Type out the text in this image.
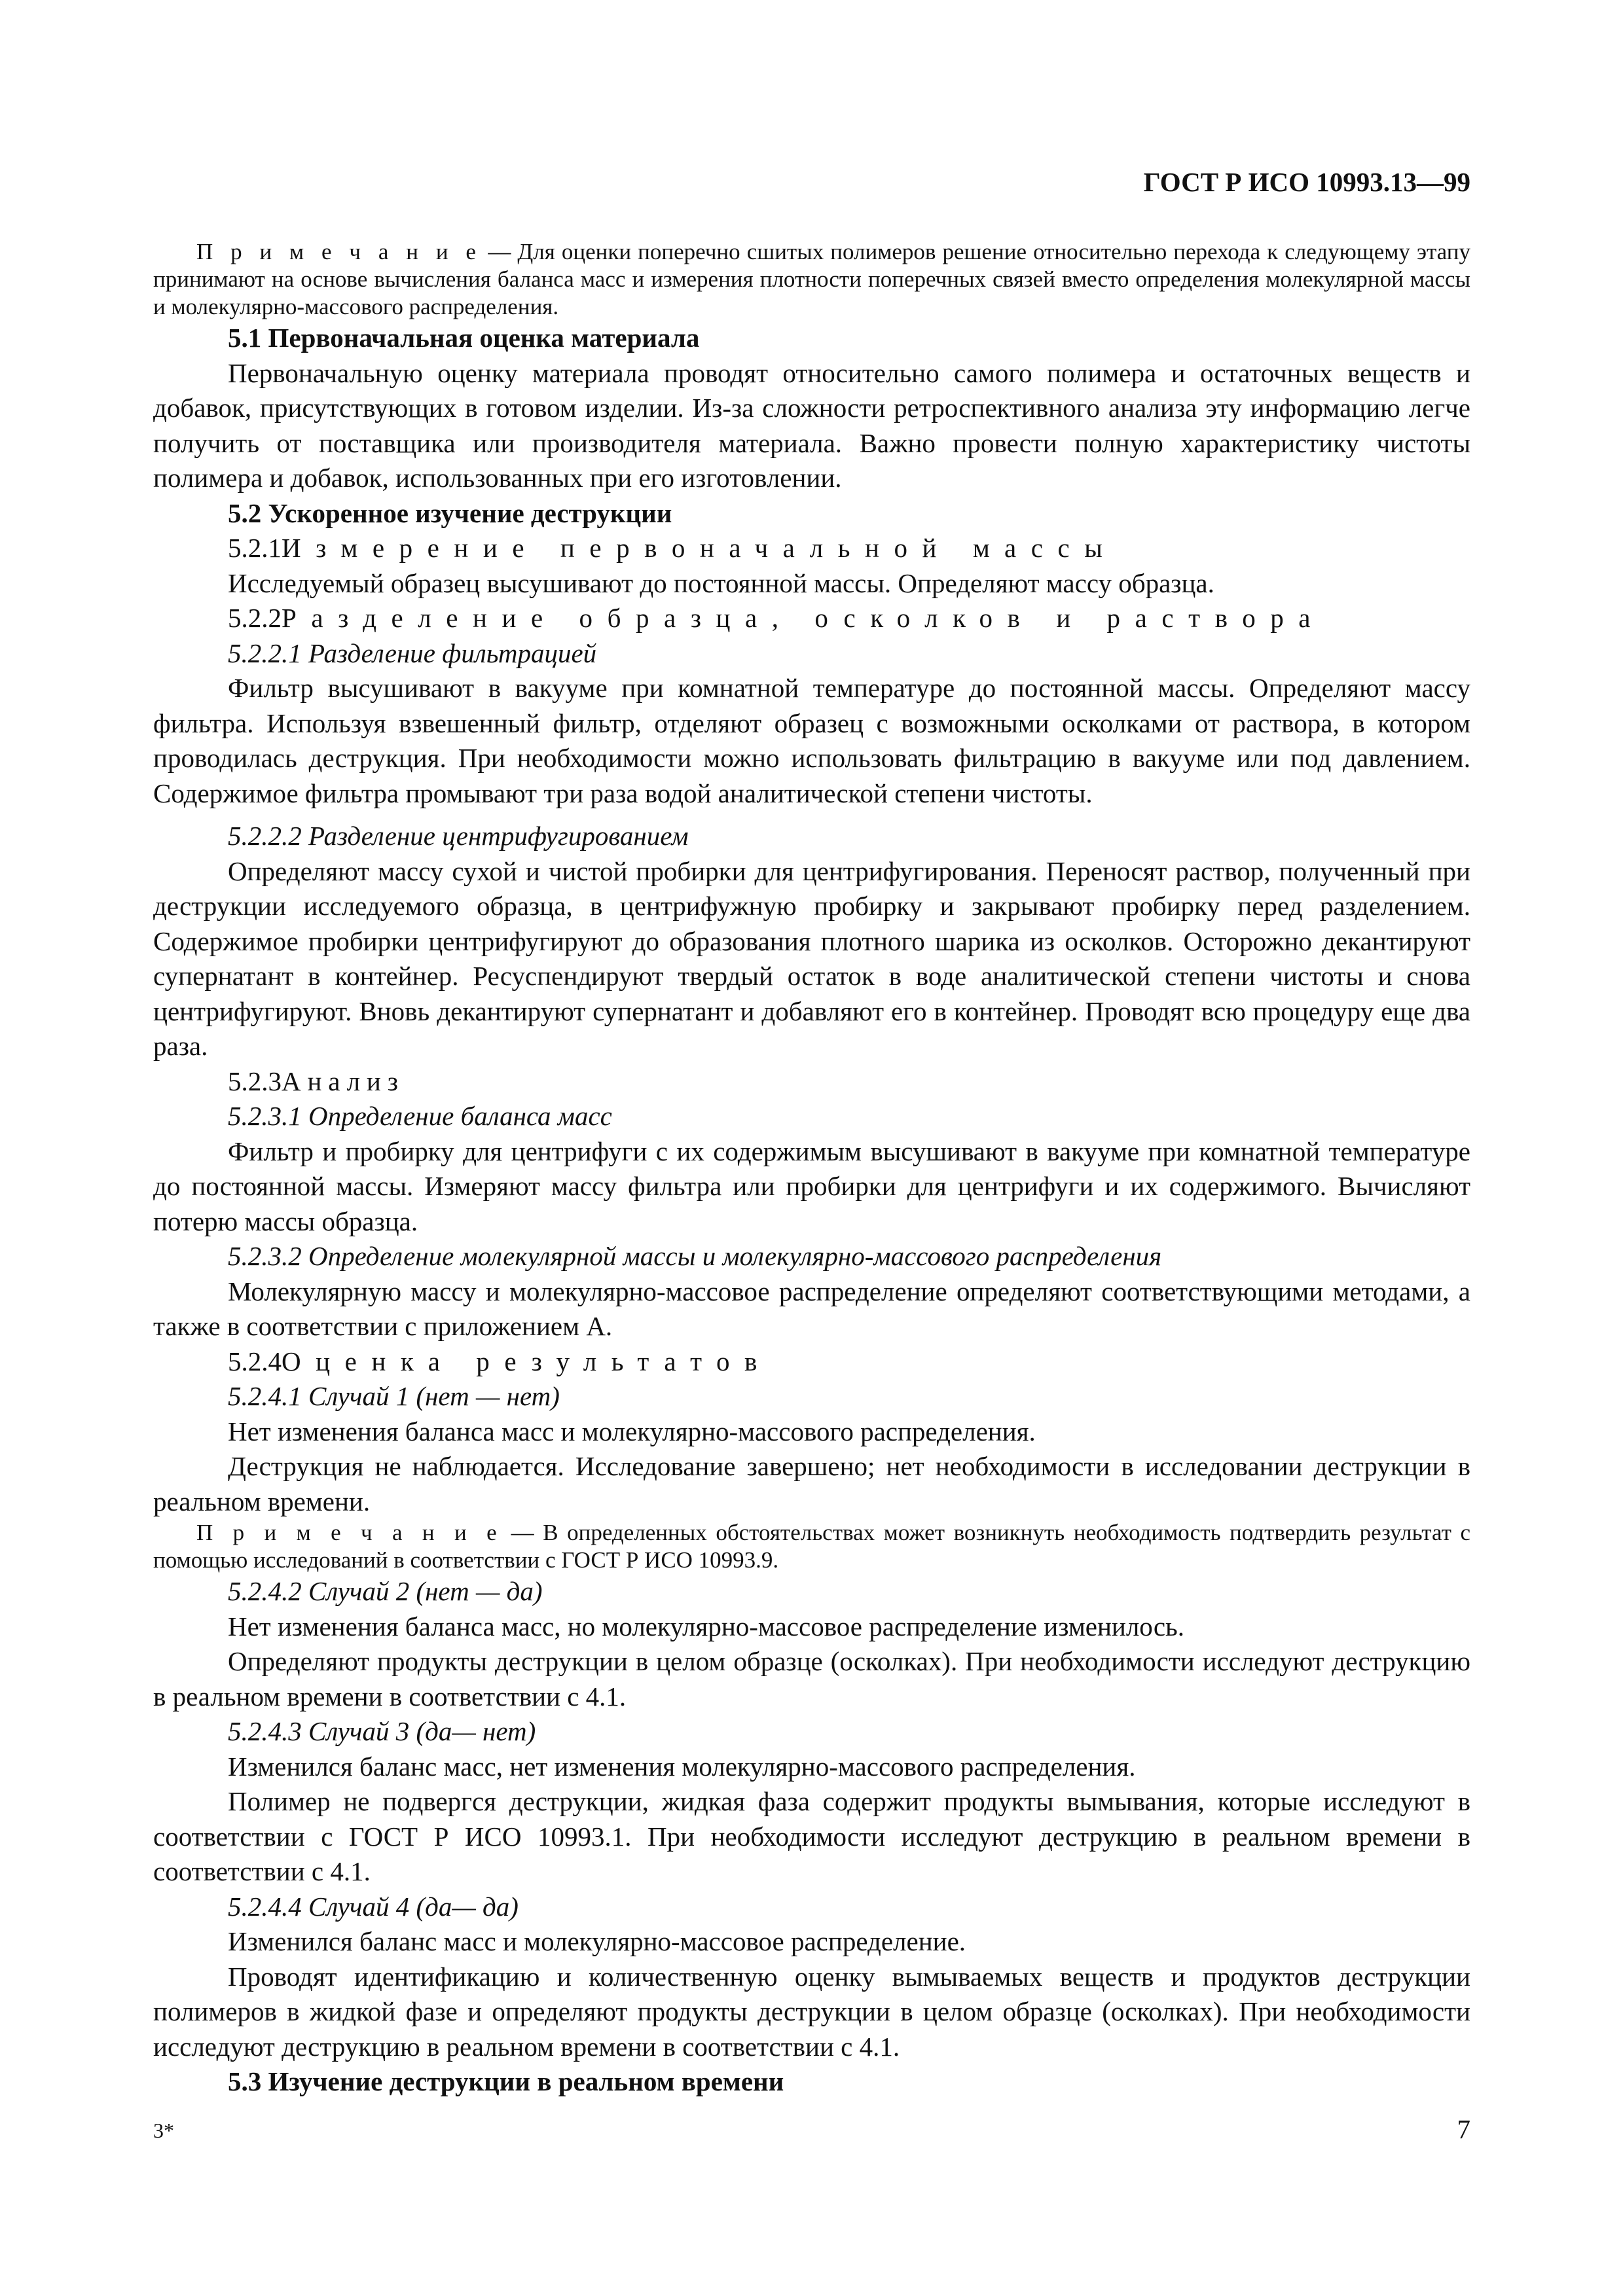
ГОСТ Р ИСО 10993.13—99

П р и м е ч а н и е — Для оценки поперечно сшитых полимеров решение относительно перехода к следующему этапу принимают на основе вычисления баланса масс и измерения плотности поперечных связей вместо определения молекулярной массы и молекулярно-массового распределения.

5.1 Первоначальная оценка материала

Первоначальную оценку материала проводят относительно самого полимера и остаточных веществ и добавок, присутствующих в готовом изделии. Из-за сложности ретроспективного анализа эту информацию легче получить от поставщика или производителя материала. Важно провести полную характеристику чистоты полимера и добавок, использованных при его изготовлении.

5.2 Ускоренное изучение деструкции

5.2.1Измерение первоначальной массы

Исследуемый образец высушивают до постоянной массы. Определяют массу образца.

5.2.2Разделение образца, осколков и раствора

5.2.2.1 Разделение фильтрацией

Фильтр высушивают в вакууме при комнатной температуре до постоянной массы. Определяют массу фильтра. Используя взвешенный фильтр, отделяют образец с возможными осколками от раствора, в котором проводилась деструкция. При необходимости можно использовать фильтрацию в вакууме или под давлением. Содержимое фильтра промывают три раза водой аналитической степени чистоты.

5.2.2.2 Разделение центрифугированием

Определяют массу сухой и чистой пробирки для центрифугирования. Переносят раствор, полученный при деструкции исследуемого образца, в центрифужную пробирку и закрывают пробирку перед разделением. Содержимое пробирки центрифугируют до образования плотного шарика из осколков. Осторожно декантируют супернатант в контейнер. Ресуспендируют твердый остаток в воде аналитической степени чистоты и снова центрифугируют. Вновь декантируют супернатант и добавляют его в контейнер. Проводят всю процедуру еще два раза.

5.2.3Анализ

5.2.3.1 Определение баланса масс

Фильтр и пробирку для центрифуги с их содержимым высушивают в вакууме при комнатной температуре до постоянной массы. Измеряют массу фильтра или пробирки для центрифуги и их содержимого. Вычисляют потерю массы образца.

5.2.3.2 Определение молекулярной массы и молекулярно-массового распределения

Молекулярную массу и молекулярно-массовое распределение определяют соответствующими методами, а также в соответствии с приложением А.

5.2.4Оценка результатов

5.2.4.1 Случай 1 (нет — нет)

Нет изменения баланса масс и молекулярно-массового распределения.

Деструкция не наблюдается. Исследование завершено; нет необходимости в исследовании деструкции в реальном времени.

П р и м е ч а н и е — В определенных обстоятельствах может возникнуть необходимость подтвердить результат с помощью исследований в соответствии с ГОСТ Р ИСО 10993.9.

5.2.4.2 Случай 2 (нет — да)

Нет изменения баланса масс, но молекулярно-массовое распределение изменилось.

Определяют продукты деструкции в целом образце (осколках). При необходимости исследуют деструкцию в реальном времени в соответствии с 4.1.

5.2.4.3 Случай 3 (да— нет)

Изменился баланс масс, нет изменения молекулярно-массового распределения.

Полимер не подвергся деструкции, жидкая фаза содержит продукты вымывания, которые исследуют в соответствии с ГОСТ Р ИСО 10993.1. При необходимости исследуют деструкцию в реальном времени в соответствии с 4.1.

5.2.4.4 Случай 4 (да— да)

Изменился баланс масс и молекулярно-массовое распределение.

Проводят идентификацию и количественную оценку вымываемых веществ и продуктов деструкции полимеров в жидкой фазе и определяют продукты деструкции в целом образце (осколках). При необходимости исследуют деструкцию в реальном времени в соответствии с 4.1.

5.3 Изучение деструкции в реальном времени

3*	7
